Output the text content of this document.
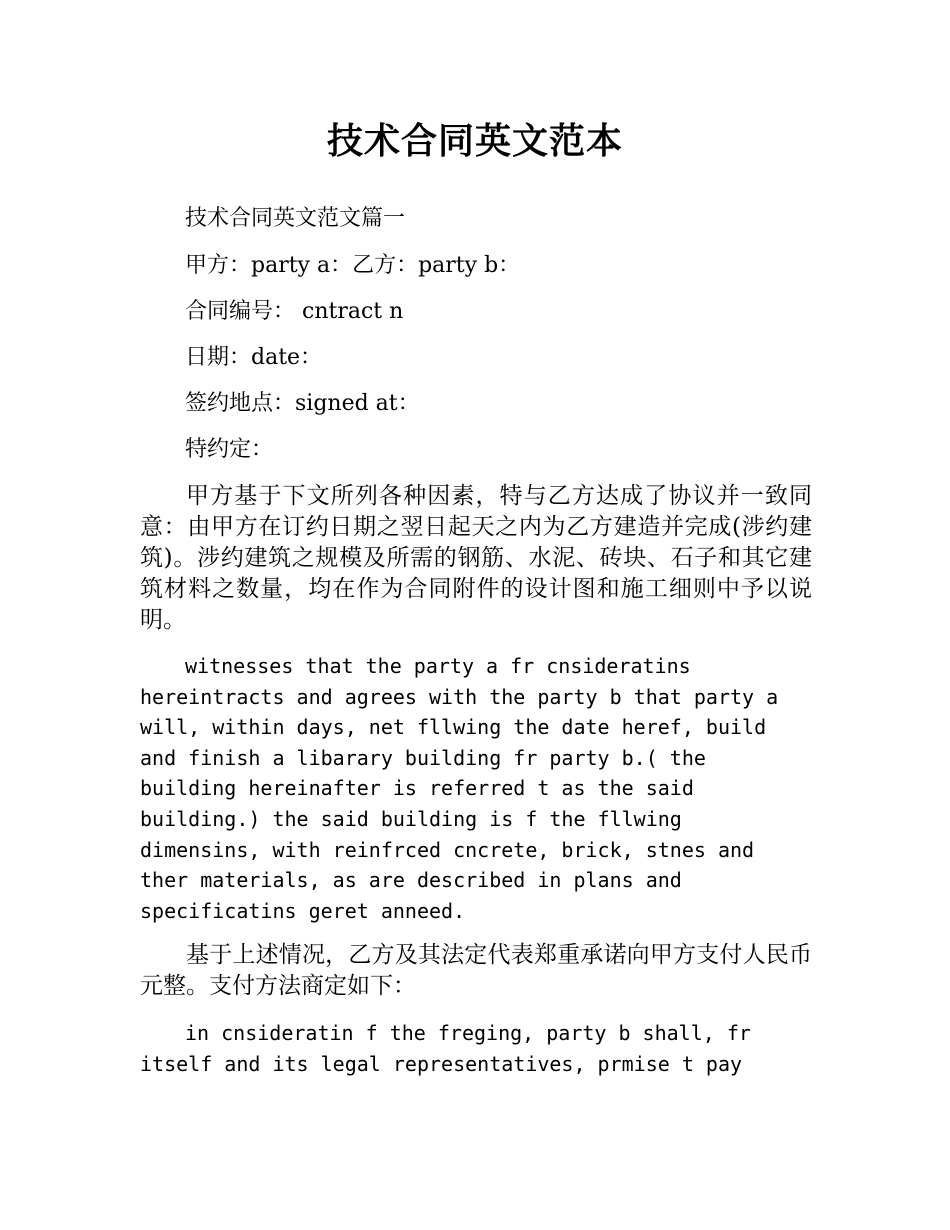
技术合同英文范本
技术合同英文范文篇一
甲方：party a：乙方：party b：
合同编号： cntract n
日期：date：
签约地点：signed at：
特约定：
甲方基于下文所列各种因素，特与乙方达成了协议并一致同意：由甲方在订约日期之翌日起天之内为乙方建造并完成(涉约建筑)。涉约建筑之规模及所需的钢筋、水泥、砖块、石子和其它建筑材料之数量，均在作为合同附件的设计图和施工细则中予以说明。
witnesses that the party a fr cnsideratins hereintracts and agrees with the party b that party a will, within days, net fllwing the date heref, build and finish a libarary building fr party b.( the building hereinafter is referred t as the said building.) the said building is f the fllwing dimensins, with reinfrced cncrete, brick, stnes and ther materials, as are described in plans and specificatins geret anneed.
基于上述情况，乙方及其法定代表郑重承诺向甲方支付人民币元整。支付方法商定如下：
in cnsideratin f the freging, party b shall, fr itself and its legal representatives, prmise t pay
